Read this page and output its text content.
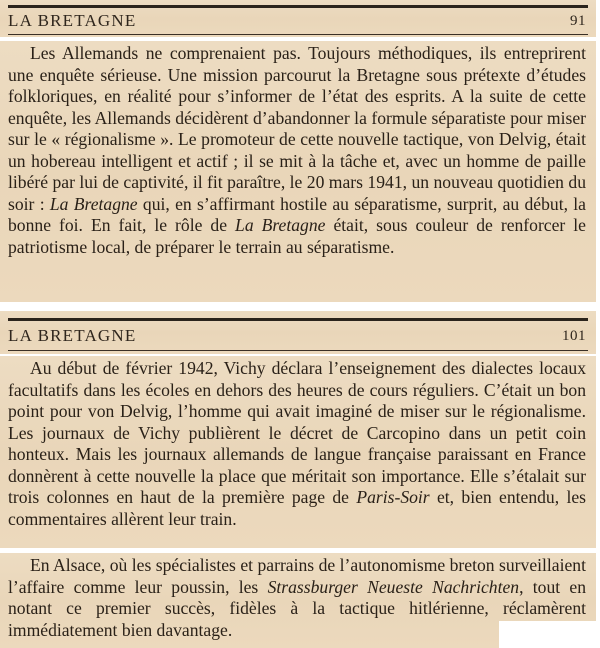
LA BRETAGNE	91

Les Allemands ne comprenaient pas. Toujours méthodiques, ils entreprirent une enquête sérieuse. Une mission parcourut la Bretagne sous prétexte d’études folkloriques, en réalité pour s’informer de l’état des esprits. A la suite de cette enquête, les Allemands décidèrent d’abandonner la formule séparatiste pour miser sur le « régionalisme ». Le promoteur de cette nouvelle tactique, von Delvig, était un hobereau intelligent et actif ; il se mit à la tâche et, avec un homme de paille libéré par lui de captivité, il fit paraître, le 20 mars 1941, un nouveau quotidien du soir : La Bretagne qui, en s’affirmant hostile au séparatisme, surprit, au début, la bonne foi. En fait, le rôle de La Bretagne était, sous couleur de renforcer le patriotisme local, de préparer le terrain au séparatisme.

LA BRETAGNE	101

Au début de février 1942, Vichy déclara l’enseignement des dialectes locaux facultatifs dans les écoles en dehors des heures de cours réguliers. C’était un bon point pour von Delvig, l’homme qui avait imaginé de miser sur le régionalisme. Les journaux de Vichy publièrent le décret de Carcopino dans un petit coin honteux. Mais les journaux allemands de langue française paraissant en France donnèrent à cette nouvelle la place que méritait son importance. Elle s’étalait sur trois colonnes en haut de la première page de Paris-Soir et, bien entendu, les commentaires allèrent leur train.

En Alsace, où les spécialistes et parrains de l’autonomisme breton surveillaient l’affaire comme leur poussin, les Strassburger Neueste Nachrichten, tout en notant ce premier succès, fidèles à la tactique hitlérienne, réclamèrent immédiatement bien davantage.
